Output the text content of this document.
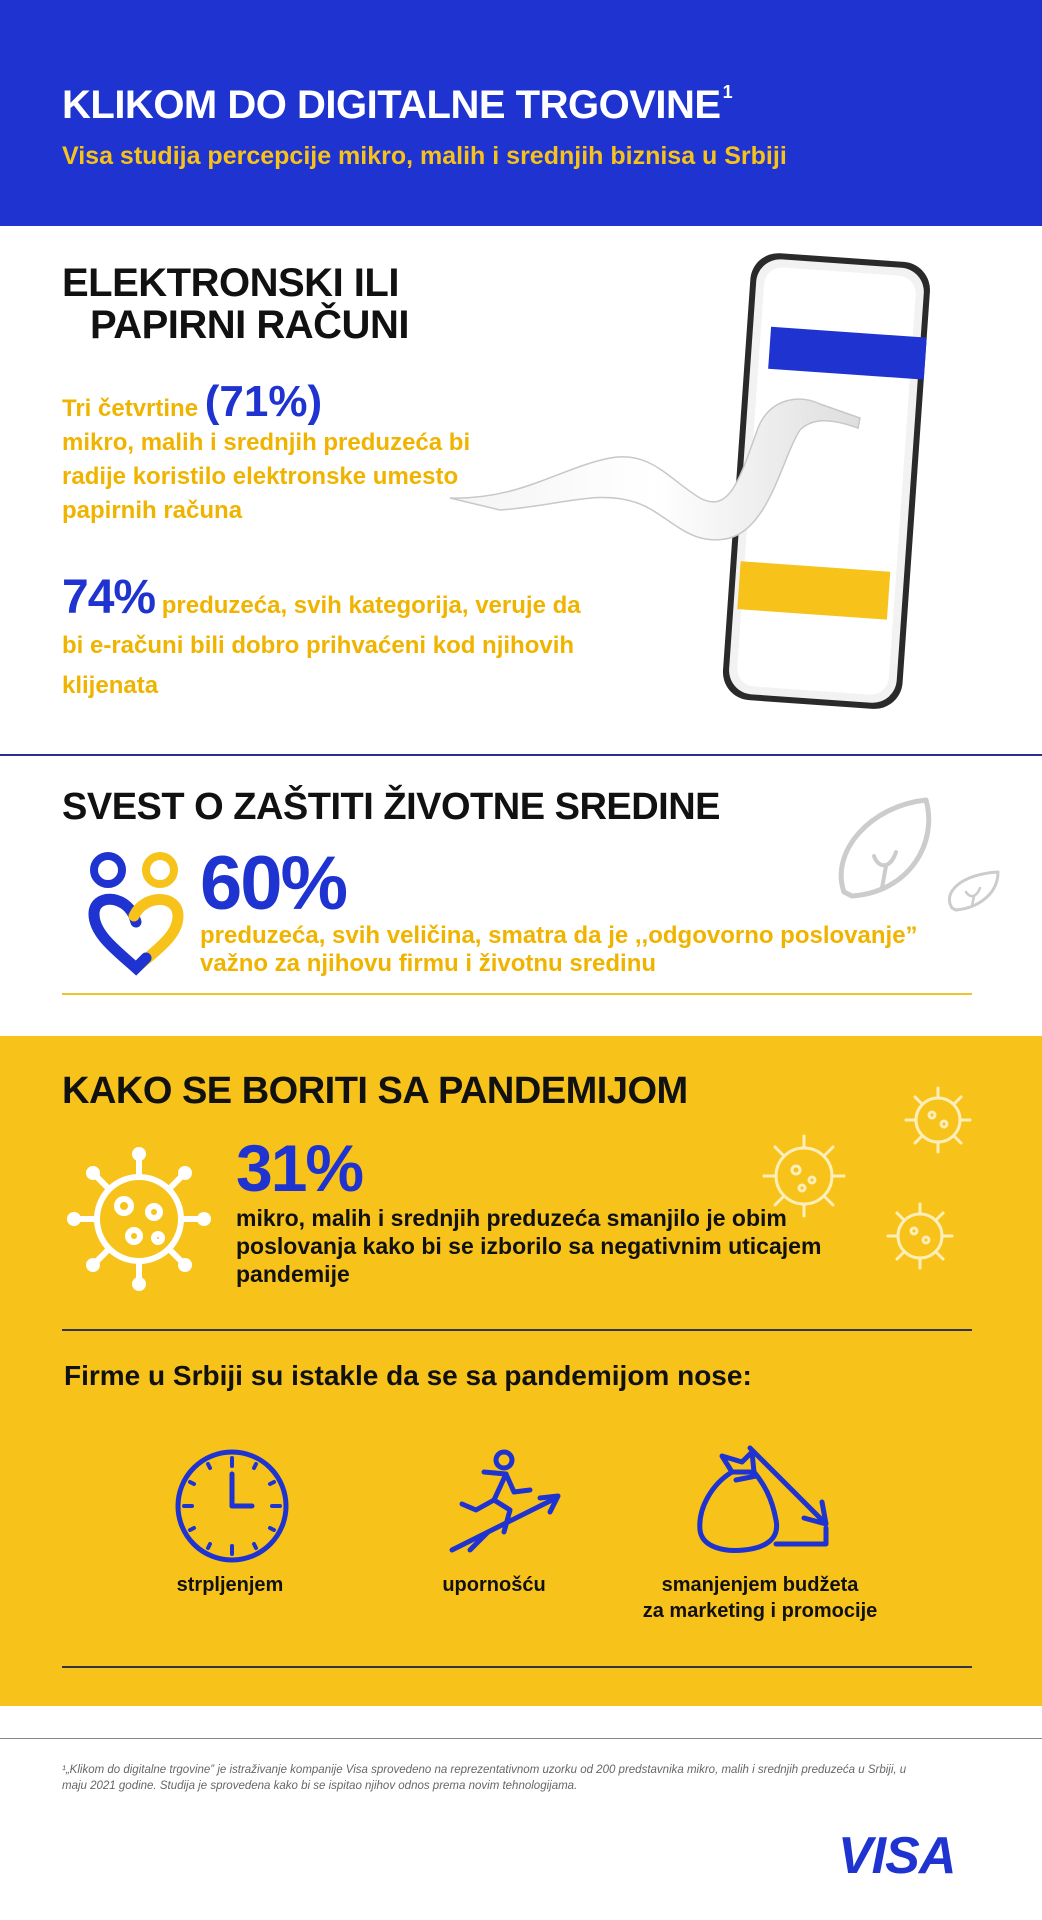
KLIKOM DO DIGITALNE TRGOVINE $^1$
Visa studija percepcije mikro, malih i srednjih biznisa u Srbiji
ELEKTRONSKI ILI
PAPIRNI RAČUNI
Tri četvrtine (71%)
mikro, malih i srednjih preduzeća bi radije koristilo elektronske umesto papirnih računa
74% preduzeća, svih kategorija, veruje da bi e-računi bili dobro prihvaćeni kod njihovih klijenata
SVEST O ZAŠTITI ŽIVOTNE SREDINE
60%
preduzeća, svih veličina, smatra da je ,,odgovorno poslovanje” važno za njihovu firmu i životnu sredinu
KAKO SE BORITI SA PANDEMIJOM
31%
mikro, malih i srednjih preduzeća smanjilo je obim poslovanja kako bi se izborilo sa negativnim uticajem pandemije
Firme u Srbiji su istakle da se sa pandemijom nose:
strpljenjem	upornošću	smanjenjem budžeta
za marketing i promocije
¹„Klikom do digitalne trgovine” je istraživanje kompanije Visa sprovedeno na reprezentativnom uzorku od 200 predstavnika mikro, malih i srednjih preduzeća u Srbiji, u maju 2021 godine. Studija je sprovedena kako bi se ispitao njihov odnos prema novim tehnologijama.
VISA
